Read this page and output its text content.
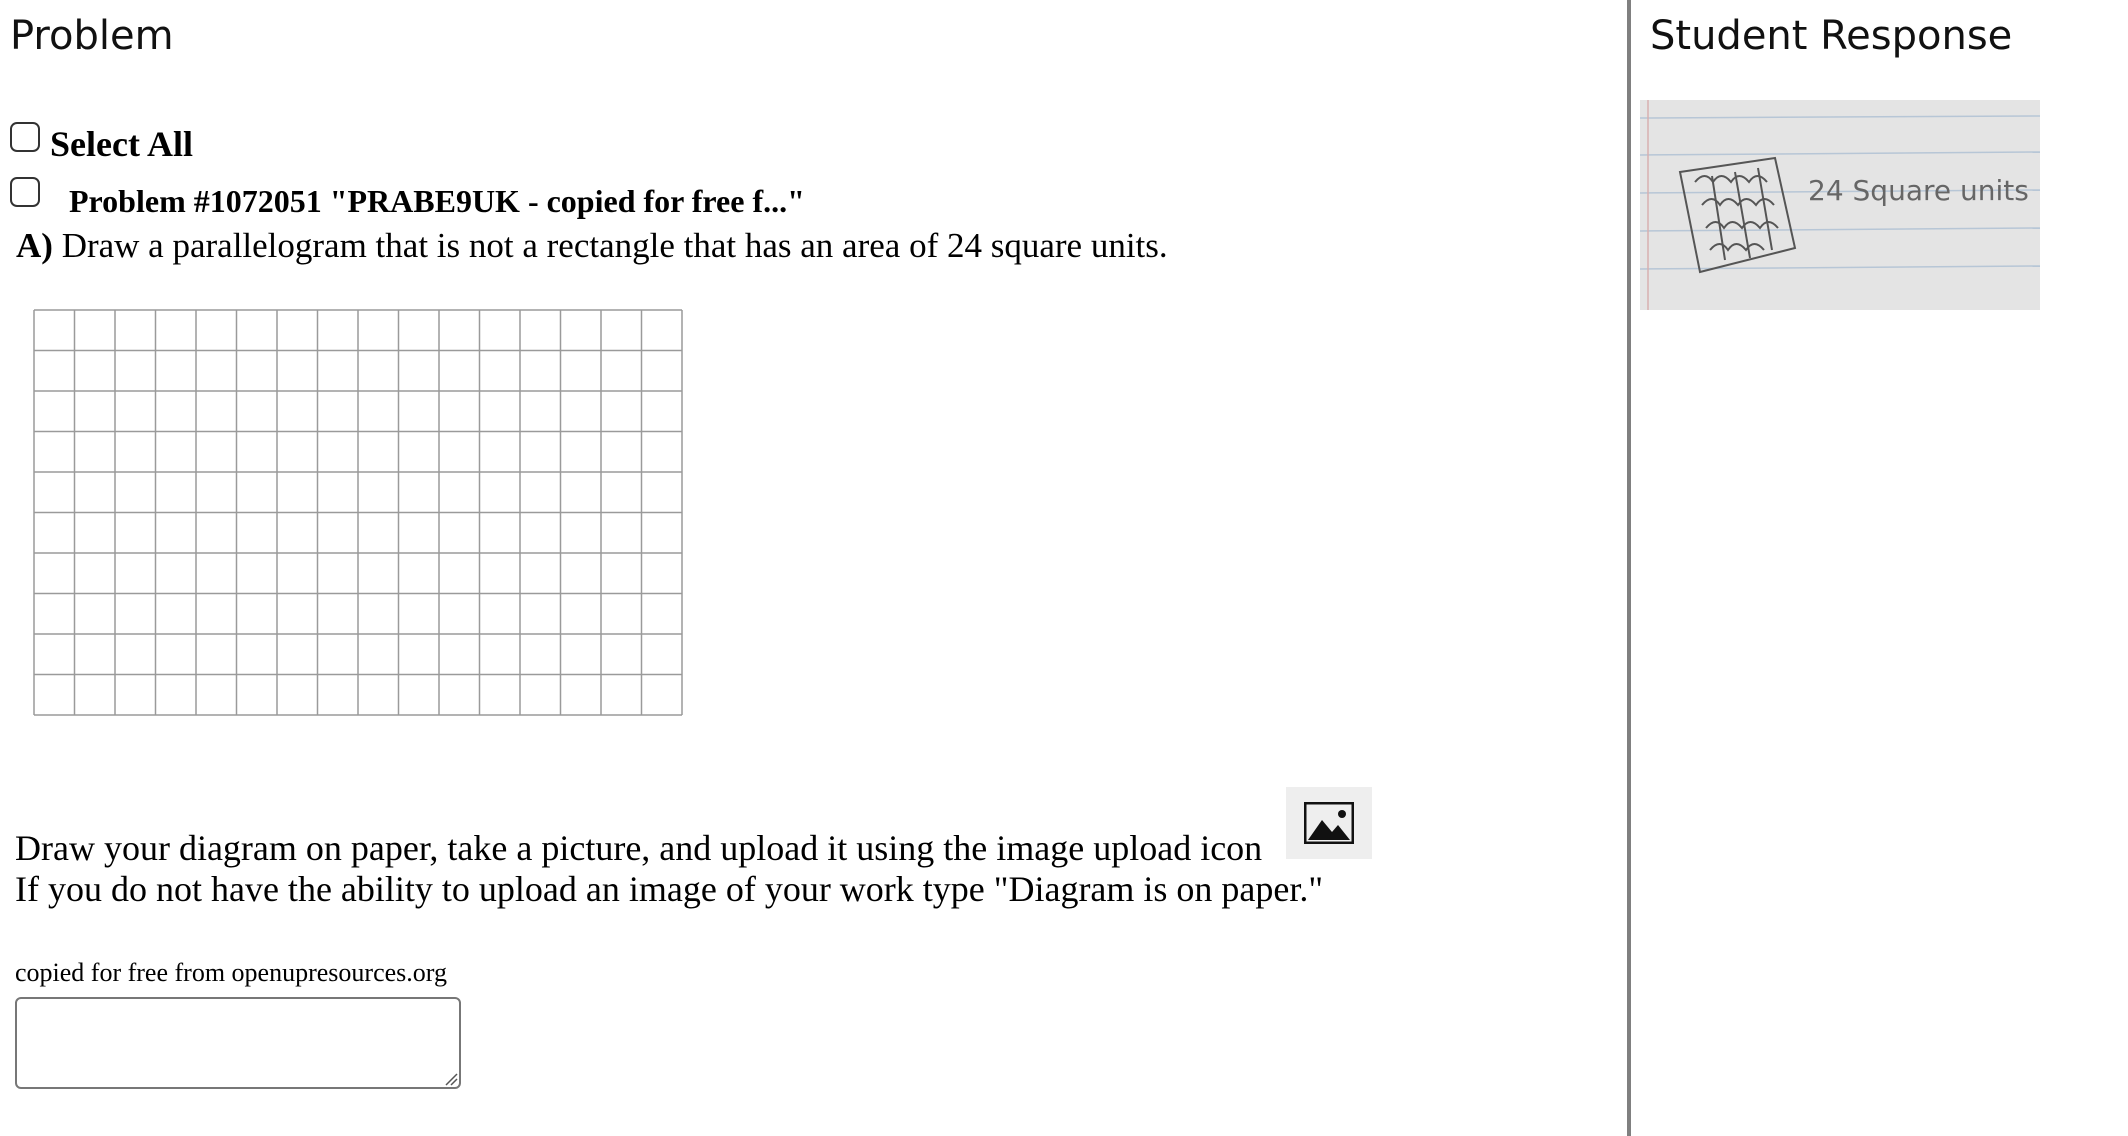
Problem
Select All
Problem #1072051 "PRABE9UK - copied for free f..."
A) Draw a parallelogram that is not a rectangle that has an area of 24 square units.
Draw your diagram on paper, take a picture, and upload it using the image upload icon
If you do not have the ability to upload an image of your work type "Diagram is on paper."
copied for free from openupresources.org
Student Response
24 Square units
